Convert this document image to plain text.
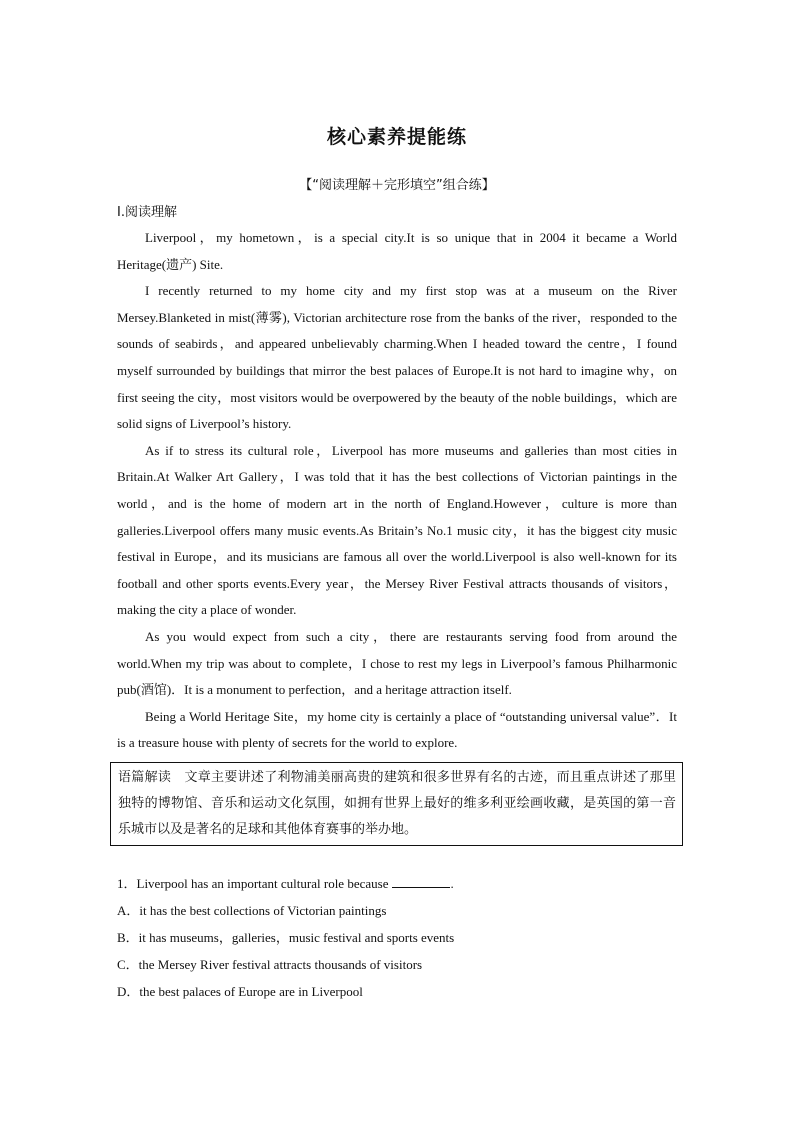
核心素养提能练
【“阅读理解＋完形填空”组合练】
Ⅰ.阅读理解

Liverpool，my hometown，is a special city.It is so unique that in 2004 it became a World Heritage(遗产) Site.

I recently returned to my home city and my first stop was at a museum on the River Mersey.Blanketed in mist(薄雾), Victorian architecture rose from the banks of the river，responded to the sounds of seabirds，and appeared unbelievably charming.When I headed toward the centre，I found myself surrounded by buildings that mirror the best palaces of Europe.It is not hard to imagine why，on first seeing the city，most visitors would be overpowered by the beauty of the noble buildings，which are solid signs of Liverpool’s history.

As if to stress its cultural role，Liverpool has more museums and galleries than most cities in Britain.At Walker Art Gallery，I was told that it has the best collections of Victorian paintings in the world，and is the home of modern art in the north of England.However，culture is more than galleries.Liverpool offers many music events.As Britain’s No.1 music city，it has the biggest city music festival in Europe，and its musicians are famous all over the world.Liverpool is also well-known for its football and other sports events.Every year，the Mersey River Festival attracts thousands of visitors，making the city a place of wonder.

As you would expect from such a city，there are restaurants serving food from around the world.When my trip was about to complete，I chose to rest my legs in Liverpool’s famous Philharmonic pub(酒馆)．It is a monument to perfection，and a heritage attraction itself.

Being a World Heritage Site，my home city is certainly a place of “outstanding universal value”．It is a treasure house with plenty of secrets for the world to explore.

语篇解读　 文章主要讲述了利物浦美丽高贵的建筑和很多世界有名的古迹，而且重点讲述了那里独特的博物馆、音乐和运动文化氛围，如拥有世界上最好的维多利亚绘画收藏，是英国的第一音乐城市以及是著名的足球和其他体育赛事的举办地。

1．Liverpool has an important cultural role because	.
A．it has the best collections of Victorian paintings
B．it has museums，galleries，music festival and sports events
C．the Mersey River festival attracts thousands of visitors
D．the best palaces of Europe are in Liverpool
